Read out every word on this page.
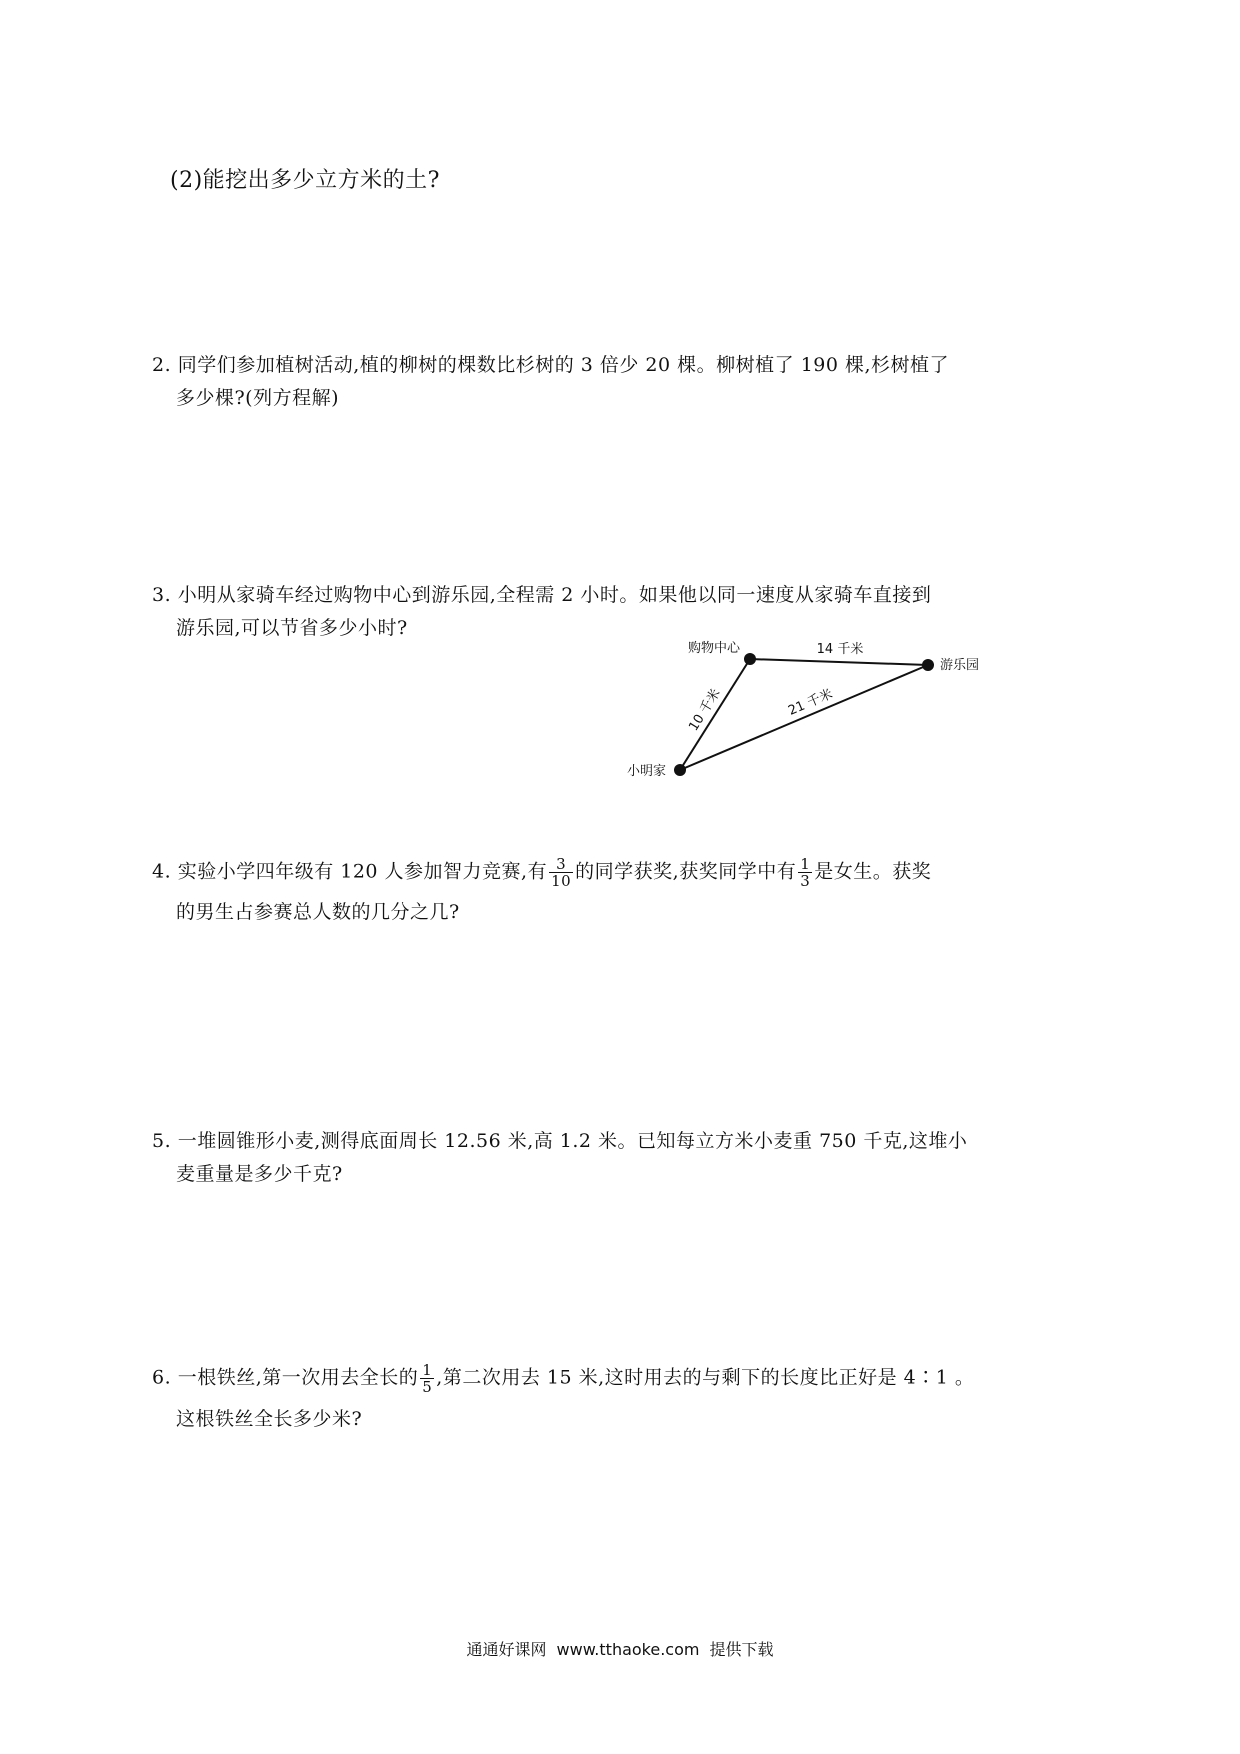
(2)能挖出多少立方米的土?
2. 同学们参加植树活动,植的柳树的棵数比杉树的 3 倍少 20 棵。柳树植了 190 棵,杉树植了
多少棵?(列方程解)
3. 小明从家骑车经过购物中心到游乐园,全程需 2 小时。如果他以同一速度从家骑车直接到
游乐园,可以节省多少小时?
小明家
购物中心
游乐园
14 千米
10 千米	21 千米
4. 实验小学四年级有 120 人参加智力竞赛,有 $\frac{3}{10}$ 的同学获奖,获奖同学中有 $\frac{1}{3}$ 是女生。获奖
的男生占参赛总人数的几分之几?
5. 一堆圆锥形小麦,测得底面周长 12.56 米,高 1.2 米。已知每立方米小麦重 750 千克,这堆小
麦重量是多少千克?
6. 一根铁丝,第一次用去全长的 $\frac{1}{5}$ ,第二次用去 15 米,这时用去的与剩下的长度比正好是 4∶1 。
这根铁丝全长多少米?
通通好课网 www.tthaoke.com 提供下载
